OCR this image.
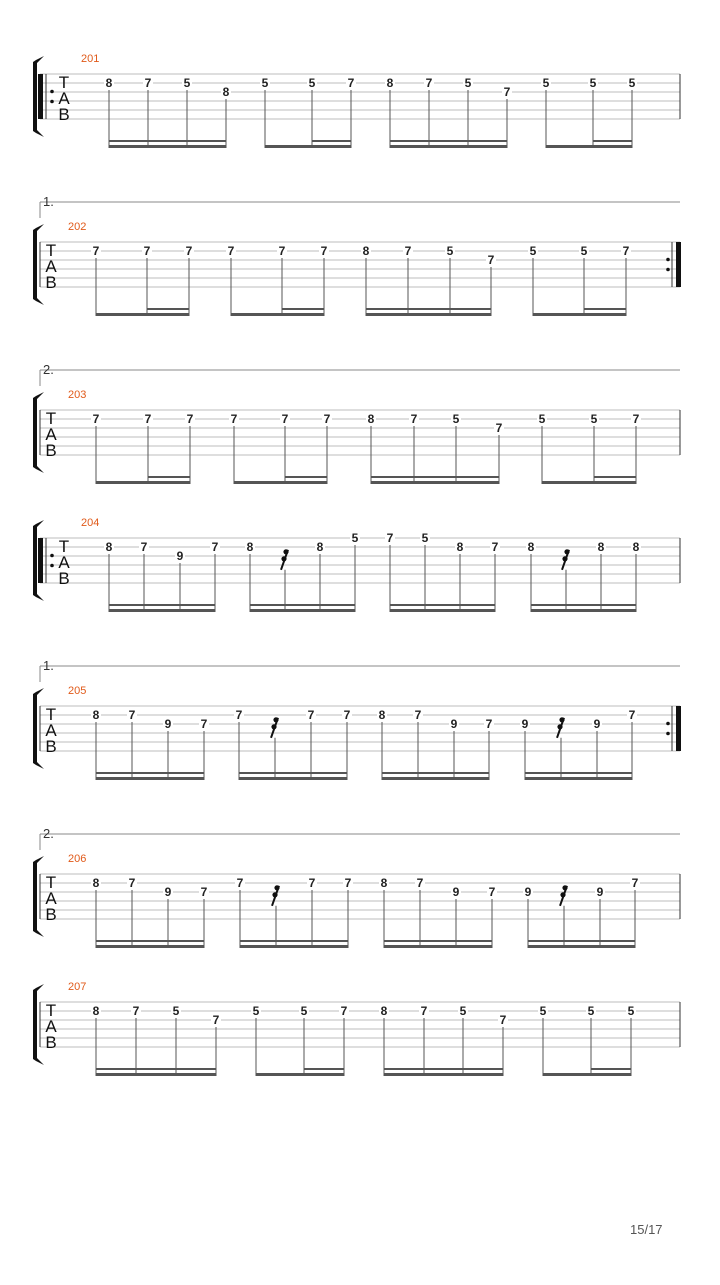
T
A
B
201
8	7	5
8
5	5	7	8	7	5
7
5	5	5
1.
T
A
B
202
7	7	7	7	7	7	8	7	5
7
5	5	7
2.
T
A
B
203
7	7	7	7	7	7	8	7	5
7
5	5	7
T
A
B
204
8 7
9
7 8	8
5 7 5
8 7 8	8 8
1.
T
A
B
205
8 7
9 7
7	7 7 8 7
9 7 9	9
7
2.
T
A
B
206
8 7
9 7
7	7 7 8 7
9 7 9	9
7
T
A
B
207
8	7	5
7
5	5	7	8	7	5
7
5	5	5
15/17
